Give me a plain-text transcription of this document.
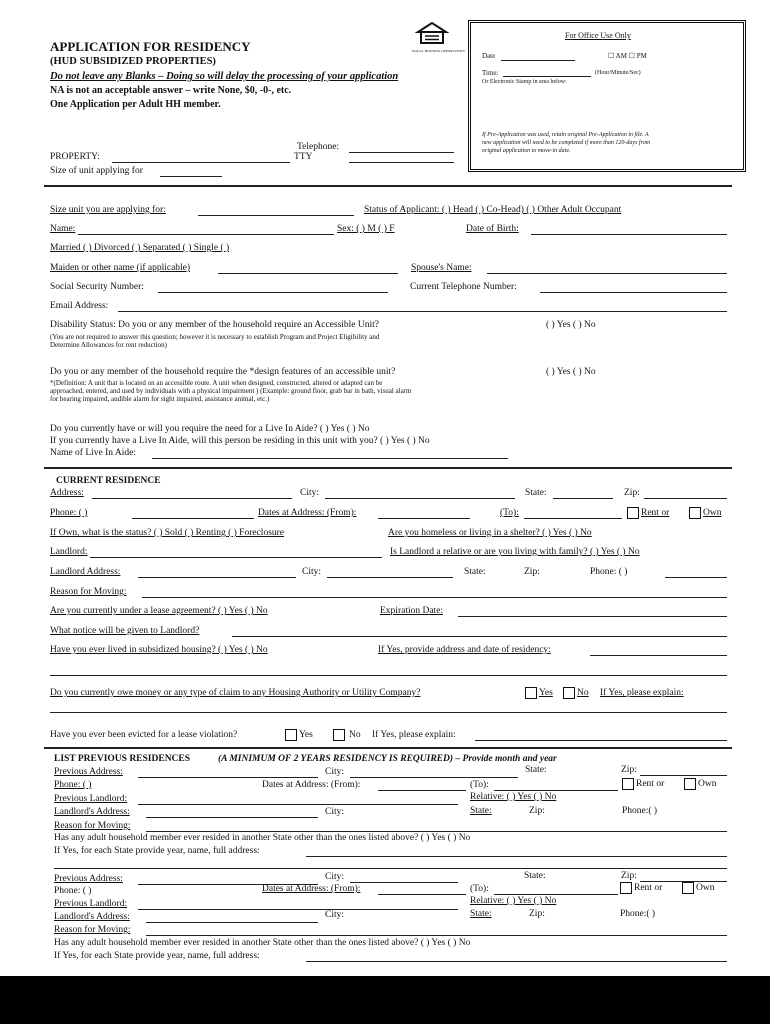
APPLICATION FOR RESIDENCY
(HUD SUBSIDIZED PROPERTIES)
Do not leave any Blanks – Doing so will delay the processing of your application
NA is not an acceptable answer – write None, $0, -0-, etc.
One Application per Adult HH member.
EQUAL HOUSING OPPORTUNITY
Telephone:
PROPERTY:	TTY
Size of unit applying for
For Office Use Only
Date	☐ AM ☐ PM
Time:	(Hour/Minute/Sec)
Or Electronic Stamp in area below:
If Pre-Application was used, retain original Pre-Application in file. A
new application will need to be completed if more than 120-days from
original application to move-in date.
Size unit you are applying for:	Status of Applicant: ( ) Head ( ) Co-Head) ( ) Other Adult Occupant
Name:	Sex: ( ) M ( ) F	Date of Birth:
Married ( ) Divorced ( ) Separated ( ) Single ( )
Maiden or other name (if applicable)	Spouse's Name:
Social Security Number:	Current Telephone Number:
Email Address:
Disability Status: Do you or any member of the household require an Accessible Unit?	( ) Yes ( ) No
(You are not required to answer this question; however it is necessary to establish Program and Project Eligibility and
Determine Allowances for rent reduction)
Do you or any member of the household require the *design features of an accessible unit?	( ) Yes ( ) No
*(Definition: A unit that is located on an accessible route. A unit when designed, constructed, altered or adapted can be
approached, entered, and used by individuals with a physical impairment ) (Example: ground floor, grab bar in bath, visual alarm
for hearing impaired, audible alarm for sight impaired, assistance animal, etc.)
Do you currently have or will you require the need for a Live In Aide? ( ) Yes ( ) No
If you currently have a Live In Aide, will this person be residing in this unit with you? ( ) Yes ( ) No
Name of Live In Aide:
CURRENT RESIDENCE
Address:	City:	State:	Zip:
Phone: ( )	Dates at Address: (From):	(To):	Rent or	Own
If Own, what is the status? ( ) Sold ( ) Renting ( ) Foreclosure	Are you homeless or living in a shelter? ( ) Yes ( ) No
Landlord:	Is Landlord a relative or are you living with family? ( ) Yes ( ) No
Landlord Address:	City:	State:	Zip:	Phone: ( )
Reason for Moving:
Are you currently under a lease agreement? ( ) Yes ( ) No	Expiration Date:
What notice will be given to Landlord?
Have you ever lived in subsidized housing? ( ) Yes ( ) No	If Yes, provide address and date of residency:
Do you currently owe money or any type of claim to any Housing Authority or Utility Company?	Yes	No If Yes, please explain:
Have you ever been evicted for a lease violation?	Yes	No If Yes, please explain:
LIST PREVIOUS RESIDENCES	(A MINIMUM OF 2 YEARS RESIDENCY IS REQUIRED) – Provide month and year
Previous Address:	City:	State:	Zip:
Phone: ( )	Dates at Address: (From):	(To):	Rent or	Own
Previous Landlord:	Relative: ( ) Yes ( ) No
Landlord's Address:	City:	State:	Zip:	Phone:( )
Reason for Moving:
Has any adult household member ever resided in another State other than the ones listed above? ( ) Yes ( ) No
If Yes, for each State provide year, name, full address:
Previous Address:	City:	State:	Zip:
Phone: ( )	Dates at Address: (From):	(To):	Rent or	Own
Previous Landlord:	Relative: ( ) Yes ( ) No
Landlord's Address:	City:	State:	Zip:	Phone:( )
Reason for Moving:
Has any adult household member ever resided in another State other than the ones listed above? ( ) Yes ( ) No
If Yes, for each State provide year, name, full address:
